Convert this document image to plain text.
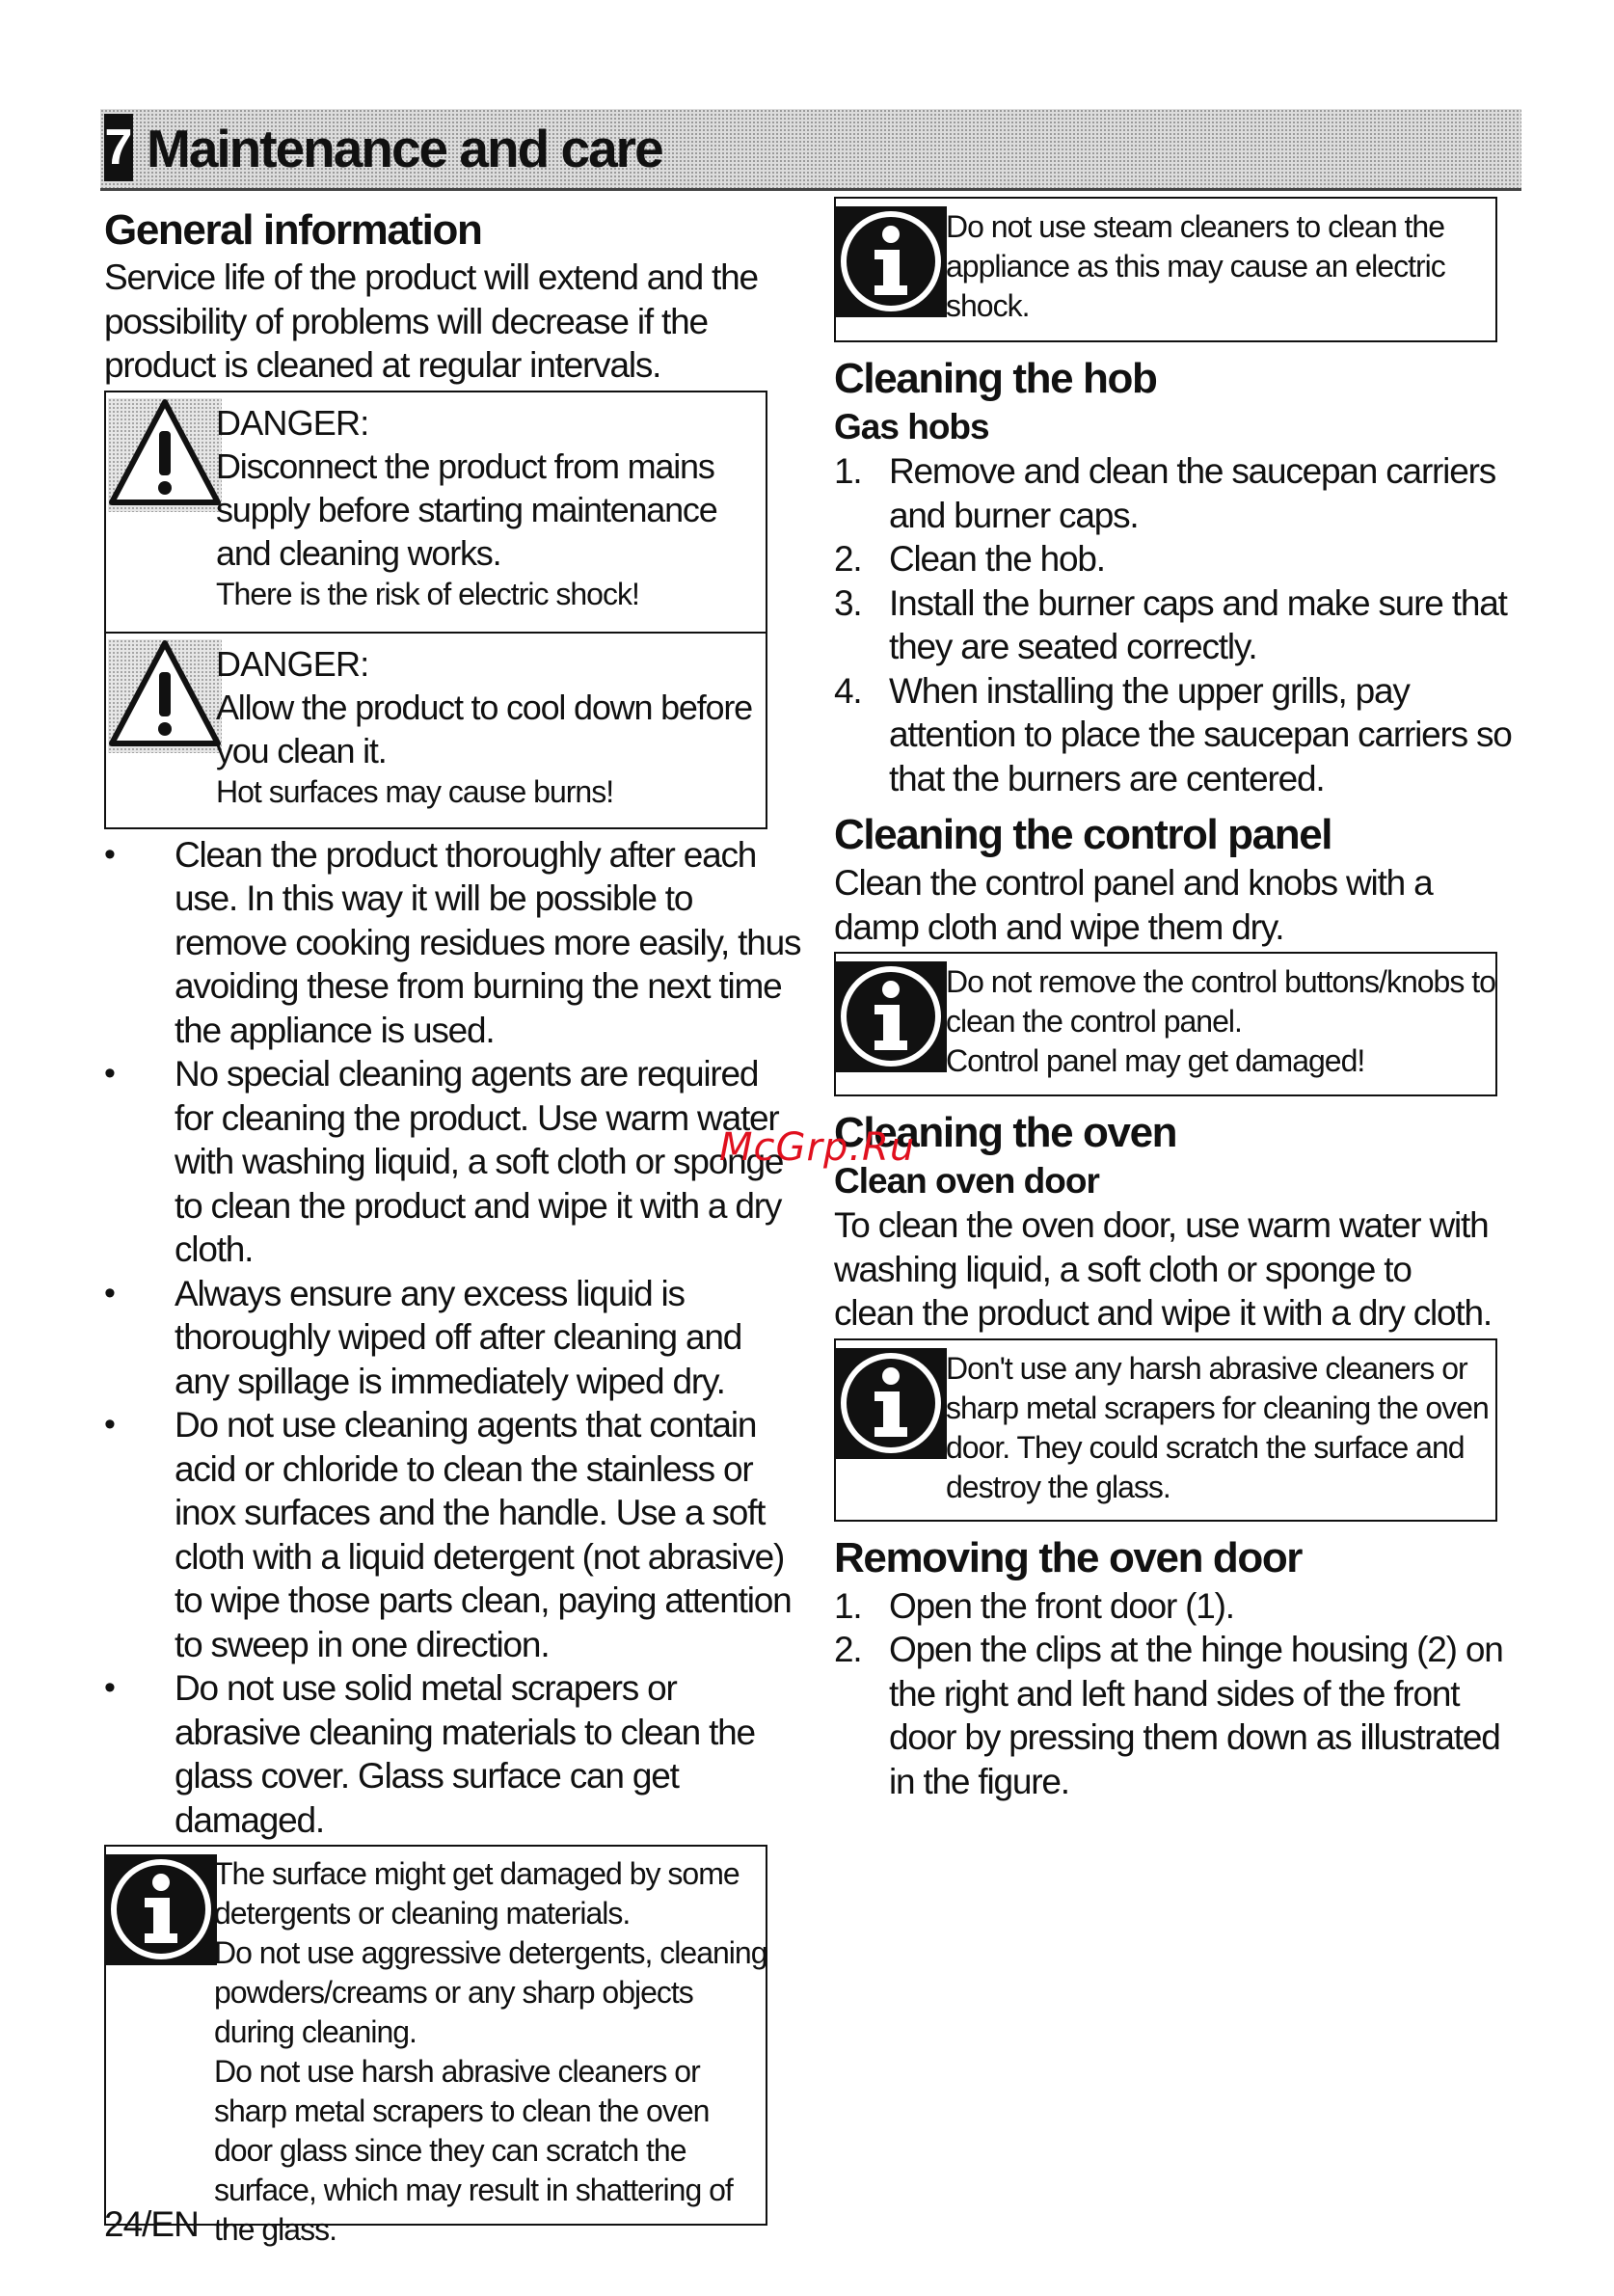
7 Maintenance and care
General information

Service life of the product will extend and the possibility of problems will decrease if the product is cleaned at regular intervals.

DANGER:
Disconnect the product from mains supply before starting maintenance and cleaning works.
There is the risk of electric shock!
DANGER:
Allow the product to cool down before you clean it.
Hot surfaces may cause burns!
• Clean the product thoroughly after each use. In this way it will be possible to remove cooking residues more easily, thus avoiding these from burning the next time the appliance is used.
• No special cleaning agents are required for cleaning the product. Use warm water with washing liquid, a soft cloth or sponge to clean the product and wipe it with a dry cloth.
• Always ensure any excess liquid is thoroughly wiped off after cleaning and any spillage is immediately wiped dry.
• Do not use cleaning agents that contain acid or chloride to clean the stainless or inox surfaces and the handle. Use a soft cloth with a liquid detergent (not abrasive) to wipe those parts clean, paying attention to sweep in one direction.
• Do not use solid metal scrapers or abrasive cleaning materials to clean the glass cover. Glass surface can get damaged.
The surface might get damaged by some detergents or cleaning materials.
Do not use aggressive detergents, cleaning powders/creams or any sharp objects during cleaning.
Do not use harsh abrasive cleaners or sharp metal scrapers to clean the oven door glass since they can scratch the surface, which may result in shattering of the glass.
Do not use steam cleaners to clean the appliance as this may cause an electric shock.
Cleaning the hob
Gas hobs
1. Remove and clean the saucepan carriers and burner caps.
2. Clean the hob.
3. Install the burner caps and make sure that they are seated correctly.
4. When installing the upper grills, pay attention to place the saucepan carriers so that the burners are centered.
Cleaning the control panel

Clean the control panel and knobs with a damp cloth and wipe them dry.

Do not remove the control buttons/knobs to clean the control panel.
Control panel may get damaged!
Cleaning the oven
Clean oven door

To clean the oven door, use warm water with washing liquid, a soft cloth or sponge to clean the product and wipe it with a dry cloth.

Don't use any harsh abrasive cleaners or sharp metal scrapers for cleaning the oven door. They could scratch the surface and destroy the glass.
Removing the oven door
1. Open the front door (1).
2. Open the clips at the hinge housing (2) on the right and left hand sides of the front door by pressing them down as illustrated in the figure.
McGrp.Ru
24/EN
